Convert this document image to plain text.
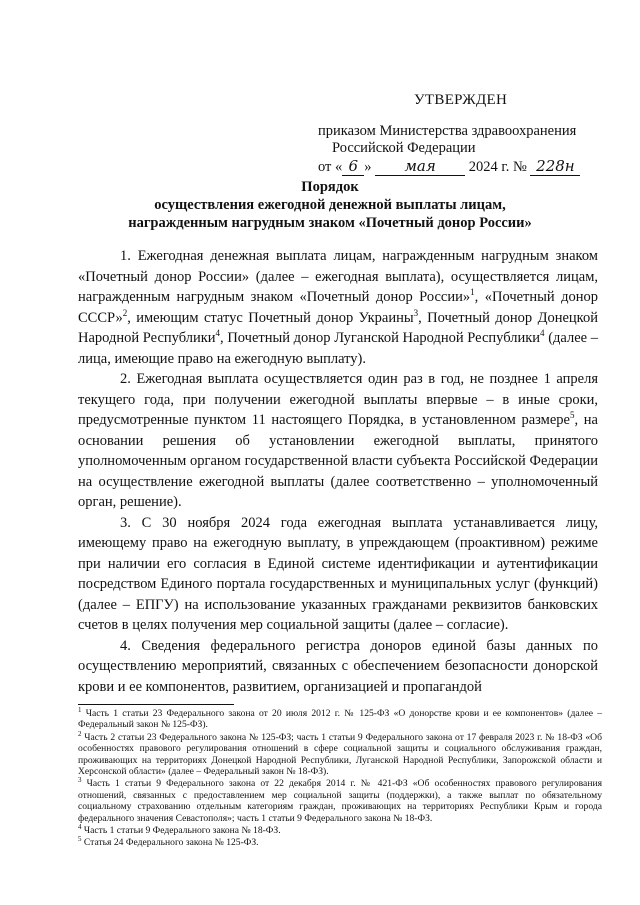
УТВЕРЖДЕН
приказом Министерства здравоохранения
Российской Федерации
от « 6 » мая 2024 г. № 228н
Порядок
осуществления ежегодной денежной выплаты лицам,
награжденным нагрудным знаком «Почетный донор России»

1. Ежегодная денежная выплата лицам, награжденным нагрудным знаком «Почетный донор России» (далее – ежегодная выплата), осуществляется лицам, награжденным нагрудным знаком «Почетный донор России»$^1$, «Почетный донор СССР»$^2$, имеющим статус Почетный донор Украины$^3$, Почетный донор Донецкой Народной Республики$^4$, Почетный донор Луганской Народной Республики$^4$ (далее – лица, имеющие право на ежегодную выплату).

2. Ежегодная выплата осуществляется один раз в год, не позднее 1 апреля текущего года, при получении ежегодной выплаты впервые – в иные сроки, предусмотренные пунктом 11 настоящего Порядка, в установленном размере$^5$, на основании решения об установлении ежегодной выплаты, принятого уполномоченным органом государственной власти субъекта Российской Федерации на осуществление ежегодной выплаты (далее соответственно – уполномоченный орган, решение).

3. С 30 ноября 2024 года ежегодная выплата устанавливается лицу, имеющему право на ежегодную выплату, в упреждающем (проактивном) режиме при наличии его согласия в Единой системе идентификации и аутентификации посредством Единого портала государственных и муниципальных услуг (функций) (далее – ЕПГУ) на использование указанных гражданами реквизитов банковских счетов в целях получения мер социальной защиты (далее – согласие).

4. Сведения федерального регистра доноров единой базы данных по осуществлению мероприятий, связанных с обеспечением безопасности донорской крови и ее компонентов, развитием, организацией и пропагандой

$^1$ Часть 1 статьи 23 Федерального закона от 20 июля 2012 г. № 125-ФЗ «О донорстве крови и ее компонентов» (далее – Федеральный закон № 125-ФЗ).

$^2$ Часть 2 статьи 23 Федерального закона № 125-ФЗ; часть 1 статьи 9 Федерального закона от 17 февраля 2023 г. № 18-ФЗ «Об особенностях правового регулирования отношений в сфере социальной защиты и социального обслуживания граждан, проживающих на территориях Донецкой Народной Республики, Луганской Народной Республики, Запорожской области и Херсонской области» (далее – Федеральный закон № 18-ФЗ).

$^3$ Часть 1 статьи 9 Федерального закона от 22 декабря 2014 г. № 421-ФЗ «Об особенностях правового регулирования отношений, связанных с предоставлением мер социальной защиты (поддержки), а также выплат по обязательному социальному страхованию отдельным категориям граждан, проживающих на территориях Республики Крым и города федерального значения Севастополя»; часть 1 статьи 9 Федерального закона № 18-ФЗ.

$^4$ Часть 1 статьи 9 Федерального закона № 18-ФЗ.

$^5$ Статья 24 Федерального закона № 125-ФЗ.
